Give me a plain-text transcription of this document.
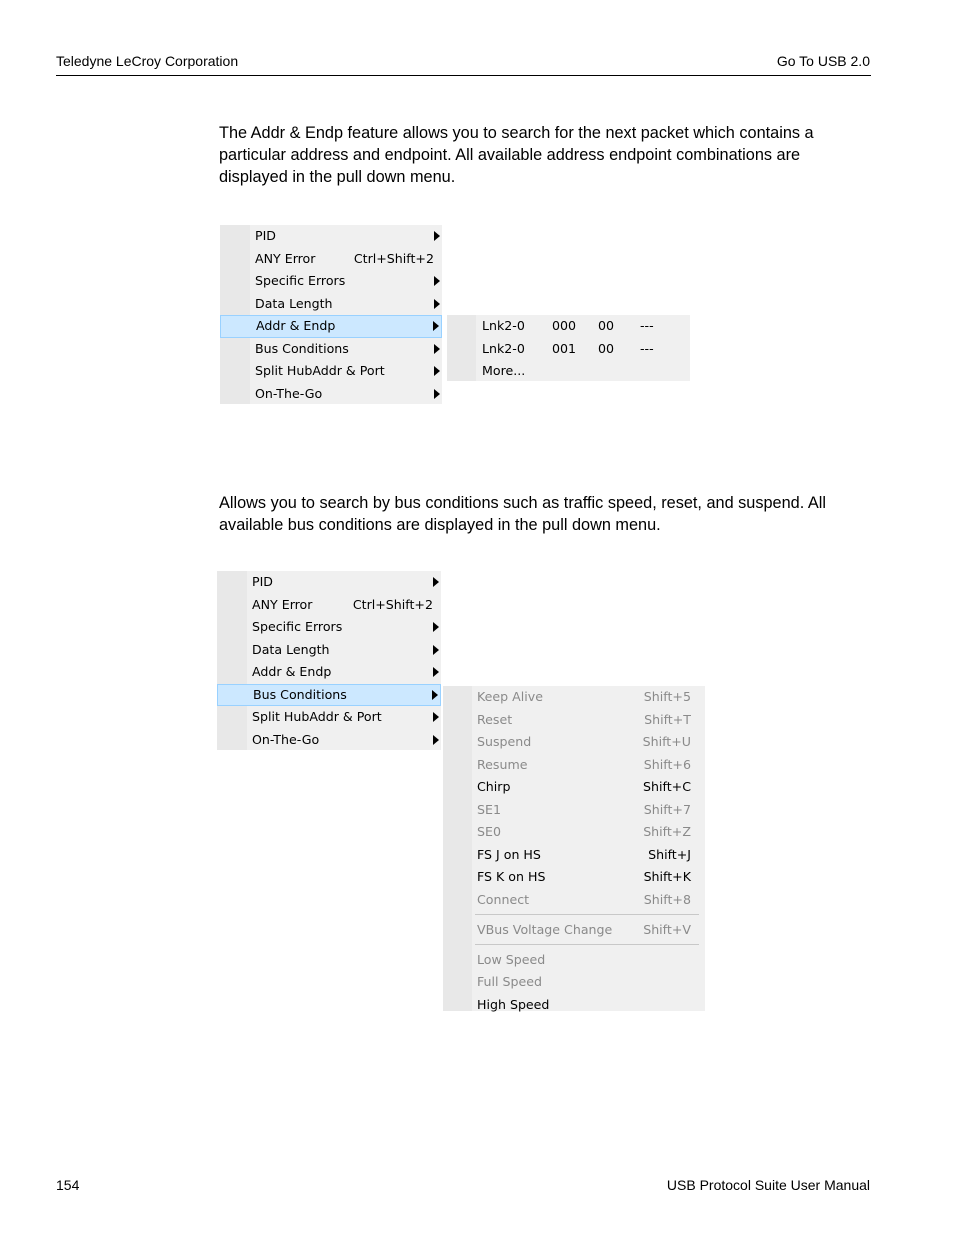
Teledyne LeCroy Corporation	Go To USB 2.0

The Addr & Endp feature allows you to search for the next packet which contains a particular address and endpoint. All available address endpoint combinations are displayed in the pull down menu.

PID
ANY Error	Ctrl+Shift+2
Specific Errors
Data Length
Addr & Endp
Bus Conditions
Split HubAddr & Port
On-The-Go
Lnk2-0 000 00 ---
Lnk2-0 001 00 ---
More...

Allows you to search by bus conditions such as traffic speed, reset, and suspend. All available bus conditions are displayed in the pull down menu.

PID
ANY Error	Ctrl+Shift+2
Specific Errors
Data Length
Addr & Endp
Bus Conditions
Split HubAddr & Port
On-The-Go
Keep Alive	Shift+5
Reset	Shift+T
Suspend	Shift+U
Resume	Shift+6
Chirp	Shift+C
SE1	Shift+7
SE0	Shift+Z
FS J on HS	Shift+J
FS K on HS	Shift+K
Connect	Shift+8
VBus Voltage Change Shift+V
Low Speed
Full Speed
High Speed
154	USB Protocol Suite User Manual
